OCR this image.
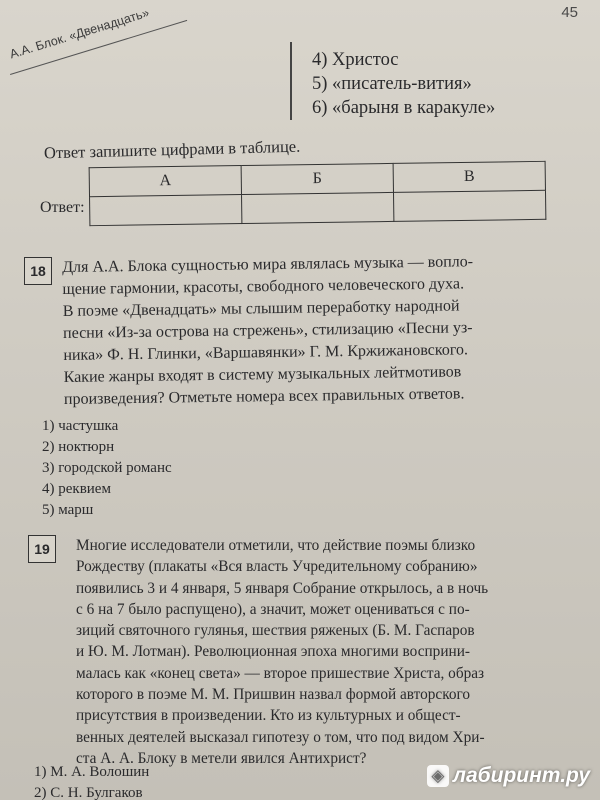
45
А.А. Блок. «Двенадцать»	4) Христос
5) «писатель-вития»
6) «барыня в каракуле»
Ответ запишите цифрами в таблице.
Ответ:
А	Б	В

18	Для А.А. Блока сущностью мира являлась музыка — вопло-
щение гармонии, красоты, свободного человеческого духа.
В поэме «Двенадцать» мы слышим переработку народной
песни «Из-за острова на стрежень», стилизацию «Песни уз-
ника» Ф. Н. Глинки, «Варшавянки» Г. М. Кржижановского.
Какие жанры входят в систему музыкальных лейтмотивов
произведения? Отметьте номера всех правильных ответов.
1) частушка
2) ноктюрн
3) городской романс
4) реквием
5) марш
19	Многие исследователи отметили, что действие поэмы близко
Рождеству (плакаты «Вся власть Учредительному собранию»
появились 3 и 4 января, 5 января Собрание открылось, а в ночь
с 6 на 7 было распущено), а значит, может оцениваться с по-
зиций святочного гулянья, шествия ряженых (Б. М. Гаспаров
и Ю. М. Лотман). Революционная эпоха многими восприни-
малась как «конец света» — второе пришествие Христа, образ
которого в поэме М. М. Пришвин назвал формой авторского
присутствия в произведении. Кто из культурных и общест-
венных деятелей высказал гипотезу о том, что под видом Хри-
ста А. А. Блоку в метели явился Антихрист?
1) М. А. Волошин
2) С. Н. Булгаков
◈ лабиринт.ру
